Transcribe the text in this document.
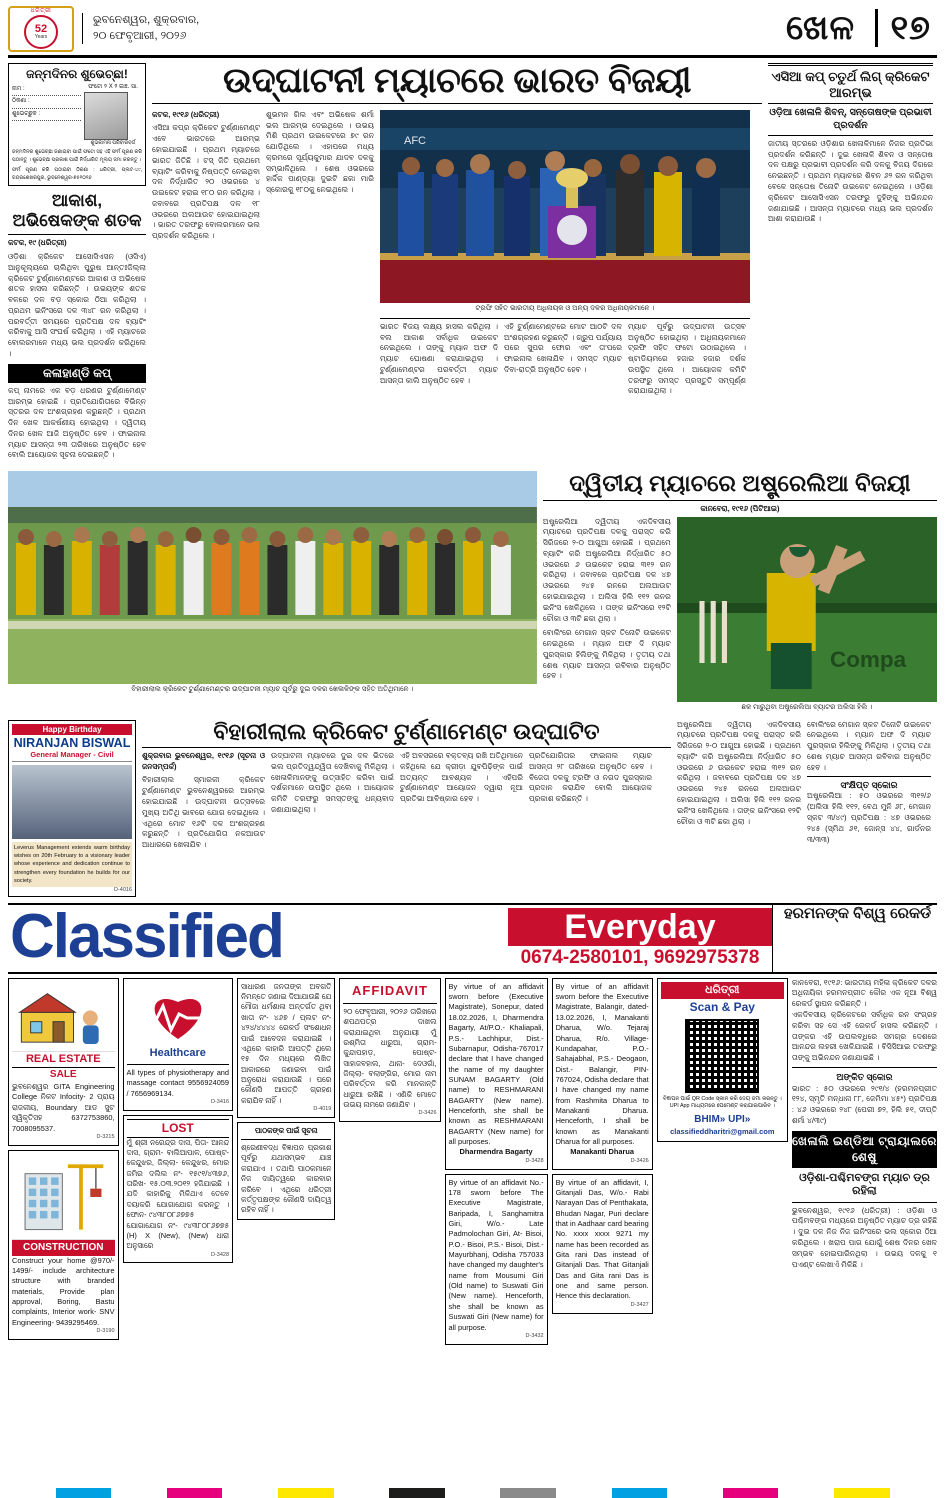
ଧରିତ୍ରୀ
52
Years
ଭୁବନେଶ୍ୱର, ଶୁକ୍ରବାର,
୨୦ ଫେବୃଆରୀ, ୨୦୨୬	ଖେଳ ୧୭
ଜନ୍ମଦିନର ଶୁଭେଚ୍ଛା!
ନାମ :
ଠିକଣା :
ଶୁଭେଚ୍ଛୁକ :
ଫଟୋ ୨ X ୨ ଇଞ୍ଚ. ସା.
ଶୁଭକାମନା ପରିବାରବର୍ଗ
ଜନ୍ମଦିନର ଶୁଭେଚ୍ଛା ଜଣାଇବା ପାଇଁ ଫଟୋ ସହ ଏହି ଫର୍ମ ପୂରଣ କରି ପଠାନ୍ତୁ । ଶୁଭେଚ୍ଛା ପ୍ରକାଶ ପାଇଁ ନିର୍ଦ୍ଧାରିତ ମୂଲ୍ୟ ଜମା କରନ୍ତୁ ।
ଫର୍ମ ପୂରଣ କରି ପଠାଇବା ଠିକଣା : ଧରିତ୍ରୀ, ପ୍ଲଟ-୪୯, ଚନ୍ଦ୍ରଶେଖରପୁର, ଭୁବନେଶ୍ୱର-୭୫୧୦୧୬
ଆକାଶ, ଅଭିଷେକଙ୍କ ଶତକ
କଟକ, ୧୯ (ଧରିତ୍ରୀ)

ଓଡ଼ିଶା କ୍ରିକେଟ ଆସୋସିଏସନ (ଓସିଏ) ଆନୁକୂଲ୍ୟରେ ଚାଲିଥିବା ପୁରୁଷ ଆନ୍ତଃଜିଲ୍ଲା କ୍ରିକେଟ ଟୁର୍ଣ୍ଣାମେଣ୍ଟରେ ଆକାଶ ଓ ଅଭିଷେକ ଶତକ ହାସଲ କରିଛନ୍ତି । ଉଭୟଙ୍କ ଶତକ ବଳରେ ଦଳ ବଡ଼ ସ୍କୋର ଠିଆ କରିଥିଲା । ପ୍ରଥମ ଇନିଂସରେ ଦଳ ୩୪୮ ରନ କରିଥିଲା । ପରବର୍ତ୍ତୀ ସମୟରେ ପ୍ରତିପକ୍ଷ ଦଳ ବ୍ୟାଟିଂ କରିବାକୁ ଆସି ସଂଘର୍ଷ କରିଥିଲା । ଏହି ମ୍ୟାଚରେ ବୋଲରମାନେ ମଧ୍ୟ ଭଲ ପ୍ରଦର୍ଶନ କରିଥିଲେ ।

କଳାହାଣ୍ଡି କପ୍

କପ୍ ନାମରେ ଏକ ବଡ଼ ଧରଣର ଟୁର୍ଣ୍ଣାମେଣ୍ଟ ଆରମ୍ଭ ହୋଇଛି । ପ୍ରତିଯୋଗିତାରେ ବିଭିନ୍ନ ସ୍ତରର ଦଳ ଅଂଶଗ୍ରହଣ କରୁଛନ୍ତି । ପ୍ରଥମ ଦିନ ଖେଳ ଆକର୍ଷଣୀୟ ହୋଇଥିଲା । ଦ୍ୱିତୀୟ ଦିନର ଖେଳ ଆଜି ଅନୁଷ୍ଠିତ ହେବ । ଫାଇନାଲ ମ୍ୟାଚ ଆସନ୍ତା ୨୩ ତାରିଖରେ ଅନୁଷ୍ଠିତ ହେବ ବୋଲି ଆୟୋଜକ ସୂଚନା ଦେଇଛନ୍ତି ।

ଉଦ୍‌ଘାଟନୀ ମ୍ୟାଚରେ ଭାରତ ବିଜୟୀ
କଟକ, ୧୯୧୬ (ଧରିତ୍ରୀ)

ଏସିଆ କପ୍‌ର କ୍ରିକେଟ ଟୁର୍ଣ୍ଣାମେଣ୍ଟ ଏବେ ଭାରତରେ ଆରମ୍ଭ ହୋଇଯାଇଛି । ପ୍ରଥମ ମ୍ୟାଚରେ ଭାରତ ଜିତିଛି । ଟସ୍ ଜିତି ପ୍ରଥମେ ବ୍ୟାଟିଂ କରିବାକୁ ନିଷ୍ପତ୍ତି ନେଇଥିବା ଦଳ ନିର୍ଦ୍ଧାରିତ ୨୦ ଓଭରରେ ୪ ଉଇକେଟ ହରାଇ ୧୮୦ ରନ କରିଥିଲା । ଜବାବରେ ପ୍ରତିପକ୍ଷ ଦଳ ୧୮ ଓଭରରେ ଅଲଆଉଟ ହୋଇଯାଇଥିଲା । ଭାରତ ତରଫରୁ ବୋଲରମାନେ ଭଲ ପ୍ରଦର୍ଶନ କରିଥିଲେ ।

ଶୁଭମନ ଗିଲ ଏବଂ ଅଭିଷେକ ଶର୍ମା ଭଲ ଆରମ୍ଭ ଦେଇଥିଲେ । ଉଭୟ ମିଶି ପ୍ରଥମ ଉଇକେଟରେ ୭୯ ରନ ଯୋଡ଼ିଥିଲେ । ଏହାପରେ ମଧ୍ୟ କ୍ରମରେ ସୂର୍ଯ୍ୟକୁମାର ଯାଦବ ଦଳକୁ ସମ୍ଭାଳିଥିଲେ । ଶେଷ ଓଭରରେ ହାର୍ଦ୍ଦିକ ପାଣ୍ଡ୍ୟା ଦୁଇଟି ଛକା ମାରି ସ୍କୋରକୁ ୧୮୦କୁ ନେଇଥିଲେ ।

AFC
ଟ୍ରଫି ସହିତ ଭାରତୀୟ ଅଧିନାୟକ ଓ ଅନ୍ୟ ଦଳର ଅଧିନାୟକମାନେ ।

ଭାରତ ବିଜୟ ଲକ୍ଷ୍ୟ ହାସଲ କରିଥିଲା । ବଲ ଆକାଶ ସର୍ବାଧିକ ଉଇକେଟ ନେଇଥିଲେ । ତାଙ୍କୁ ମ୍ୟାନ ଅଫ ଦି ମ୍ୟାଚ ଘୋଷଣା କରାଯାଇଥିଲା । ଟୁର୍ଣ୍ଣାମେଣ୍ଟର ପରବର୍ତ୍ତୀ ମ୍ୟାଚ ଆସନ୍ତା କାଲି ଅନୁଷ୍ଠିତ ହେବ ।

ଏହି ଟୁର୍ଣ୍ଣାମେଣ୍ଟରେ ମୋଟ ଆଠଟି ଦଳ ଅଂଶଗ୍ରହଣ କରୁଛନ୍ତି । ଗ୍ରୁପ ପର୍ଯ୍ୟାୟ ପରେ ସୁପର ଫୋର ଏବଂ ତା'ପରେ ଫାଇନାଲ ଖେଳାଯିବ । ସମସ୍ତ ମ୍ୟାଚ ଦିବା-ରାତ୍ରି ଅନୁଷ୍ଠିତ ହେବ ।

ମ୍ୟାଚ ପୂର୍ବରୁ ଉଦ୍‌ଘାଟନୀ ଉତ୍ସବ ଅନୁଷ୍ଠିତ ହୋଇଥିଲା । ଅଧିନାୟକମାନେ ଟ୍ରଫି ସହିତ ଫଟୋ ଉଠାଇଥିଲେ । ଷ୍ଟାଡିୟମରେ ହଜାର ହଜାର ଦର୍ଶକ ଉପସ୍ଥିତ ଥିଲେ । ଆୟୋଜକ କମିଟି ତରଫରୁ ସମସ୍ତ ପ୍ରସ୍ତୁତି ସମ୍ପୂର୍ଣ୍ଣ କରାଯାଇଥିଲା ।

ଏସିଆ କପ୍ ଚତୁର୍ଥ ଲିଗ୍ କ୍ରିକେଟ ଆରମ୍ଭ
ଓଡ଼ିଆ ଖେଳାଳି ଶିବନ୍, ସନ୍ତୋଷଙ୍କ ପ୍ରଭାବୀ ପ୍ରଦର୍ଶନ
ଜାତୀୟ ସ୍ତରରେ ଓଡ଼ିଶାର ଖେଳାଳିମାନେ ନିଜର ପ୍ରତିଭା ପ୍ରଦର୍ଶନ କରିଛନ୍ତି । ଦୁଇ ଖେଳାଳି ଶିବନ ଓ ସନ୍ତୋଷ ଦଳ ପକ୍ଷରୁ ପ୍ରଭାବୀ ପ୍ରଦର୍ଶନ କରି ଦଳକୁ ବିଜୟ ଦିଗରେ ନେଇଛନ୍ତି । ପ୍ରଥମ ମ୍ୟାଚରେ ଶିବନ ୬୨ ରନ କରିଥିବା ବେଳେ ସନ୍ତୋଷ ତିନୋଟି ଉଇକେଟ ନେଇଥିଲେ । ଓଡ଼ିଶା କ୍ରିକେଟ ଆସୋସିଏସନ ତରଫରୁ ଦୁହିଙ୍କୁ ଅଭିନନ୍ଦନ ଜଣାଯାଇଛି । ଆସନ୍ତା ମ୍ୟାଚରେ ମଧ୍ୟ ଭଲ ପ୍ରଦର୍ଶନ ଆଶା କରାଯାଉଛି ।
ବିହାରୀଲାଲ କ୍ରିକେଟ ଟୁର୍ଣ୍ଣାମେଣ୍ଟର ଉଦ୍‌ଘାଟନୀ ମ୍ୟାଚ ପୂର୍ବରୁ ଦୁଇ ଦଳର ଖେଳାଳିଙ୍କ ସହିତ ଅତିଥିମାନେ ।
ଦ୍ୱିତୀୟ ମ୍ୟାଚରେ ଅଷ୍ଟ୍ରେଲିଆ ବିଜୟୀ
କାନବେରା, ୧୯୧୬ (ପିଟିଆଇ)

ଅଷ୍ଟ୍ରେଲିଆ ଦ୍ୱିତୀୟ ଏକଦିବସୀୟ ମ୍ୟାଚରେ ପ୍ରତିପକ୍ଷ ଦଳକୁ ପରାସ୍ତ କରି ସିରିଜରେ ୨-୦ ଆଗୁଆ ହୋଇଛି । ପ୍ରଥମେ ବ୍ୟାଟିଂ କରି ଅଷ୍ଟ୍ରେଲିଆ ନିର୍ଦ୍ଧାରିତ ୫୦ ଓଭରରେ ୬ ଉଇକେଟ ହରାଇ ୩୧୨ ରନ କରିଥିଲା । ଜବାବରେ ପ୍ରତିପକ୍ଷ ଦଳ ୪୭ ଓଭରରେ ୨୪୫ ରନରେ ଅଲଆଉଟ ହୋଇଯାଇଥିଲା । ଅଲିସା ହିଲି ୧୧୨ ରନର ଇନିଂସ ଖେଳିଥିଲେ । ତାଙ୍କ ଇନିଂସରେ ୧୨ଟି ଚୌକା ଓ ୩ଟି ଛକା ଥିଲା ।

ବୋଲିଂରେ ମେଗାନ ସ୍କଟ ତିନୋଟି ଉଇକେଟ ନେଇଥିଲେ । ମ୍ୟାନ ଅଫ ଦି ମ୍ୟାଚ ପୁରସ୍କାର ହିଲିଙ୍କୁ ମିଳିଥିଲା । ତୃତୀୟ ତଥା ଶେଷ ମ୍ୟାଚ ଆସନ୍ତା ରବିବାର ଅନୁଷ୍ଠିତ ହେବ ।

Compa
ଛକ ମାରୁଥିବା ଅଷ୍ଟ୍ରେଲିଆ ବ୍ୟାଟର ଅଲିସା ହିଲି ।
Happy Birthday
NIRANJAN BISWAL
General Manager - Civil
Leverus Management extends warm birthday wishes on 20th February to a visionary leader whose experience and dedication continue to strengthen every foundation he builds for our society.
D-4016
ବିହାରୀଲାଲ କ୍ରିକେଟ ଟୁର୍ଣ୍ଣାମେଣ୍ଟ ଉଦ୍‌ଘାଟିତ
ଶୁକ୍ରବାର ଭୁବନେଶ୍ୱର, ୧୯୧୬ (ସୂଚନା ଓ ଜନସମ୍ପର୍କ)

ବିହାରୀଲାଲ ସ୍ମାରକୀ କ୍ରିକେଟ ଟୁର୍ଣ୍ଣାମେଣ୍ଟ ଭୁବନେଶ୍ୱରରେ ଆରମ୍ଭ ହୋଇଯାଇଛି । ଉଦ୍‌ଘାଟନୀ ଉତ୍ସବରେ ମୁଖ୍ୟ ଅତିଥି ଭାବରେ ଯୋଗ ଦେଇଥିଲେ । ଏଥିରେ ମୋଟ ୧୬ଟି ଦଳ ଅଂଶଗ୍ରହଣ କରୁଛନ୍ତି । ପ୍ରତିଯୋଗିତା ନକଆଉଟ ଆଧାରରେ ଖେଳାଯିବ ।

ଉଦ୍‌ଘାଟନୀ ମ୍ୟାଚରେ ଦୁଇ ଦଳ ଭିତରେ ଭଲ ପ୍ରତିଦ୍ୱନ୍ଦ୍ୱିତା ଦେଖିବାକୁ ମିଳିଥିଲା । ଖେଳାଳିମାନଙ୍କୁ ଉତ୍ସାହିତ କରିବା ପାଇଁ ଦର୍ଶକମାନେ ଉପସ୍ଥିତ ଥିଲେ । ଆୟୋଜକ କମିଟି ତରଫରୁ ସମସ୍ତଙ୍କୁ ଧନ୍ୟବାଦ ଜଣାଯାଇଥିଲା ।

ଏହି ଅବସରରେ ବକ୍ତବ୍ୟ ରଖି ଅତିଥିମାନେ କହିଥିଲେ ଯେ କ୍ରୀଡ଼ା ଯୁବପିଢ଼ିଙ୍କ ପାଇଁ ଅତ୍ୟନ୍ତ ଆବଶ୍ୟକ । ଏହିପରି ଟୁର୍ଣ୍ଣାମେଣ୍ଟ ଆୟୋଜନ ଦ୍ୱାରା ନୂଆ ପ୍ରତିଭା ଆବିଷ୍କାର ହେବ ।

ପ୍ରତିଯୋଗିତାର ଫାଇନାଲ ମ୍ୟାଚ ଆସନ୍ତା ୨୮ ତାରିଖରେ ଅନୁଷ୍ଠିତ ହେବ । ବିଜେତା ଦଳକୁ ଟ୍ରଫି ଓ ନଗଦ ପୁରସ୍କାର ପ୍ରଦାନ କରାଯିବ ବୋଲି ଆୟୋଜକ ପ୍ରକାଶ କରିଛନ୍ତି ।

ଅଷ୍ଟ୍ରେଲିଆ ଦ୍ୱିତୀୟ ଏକଦିବସୀୟ ମ୍ୟାଚରେ ପ୍ରତିପକ୍ଷ ଦଳକୁ ପରାସ୍ତ କରି ସିରିଜରେ ୨-୦ ଆଗୁଆ ହୋଇଛି । ପ୍ରଥମେ ବ୍ୟାଟିଂ କରି ଅଷ୍ଟ୍ରେଲିଆ ନିର୍ଦ୍ଧାରିତ ୫୦ ଓଭରରେ ୬ ଉଇକେଟ ହରାଇ ୩୧୨ ରନ କରିଥିଲା । ଜବାବରେ ପ୍ରତିପକ୍ଷ ଦଳ ୪୭ ଓଭରରେ ୨୪୫ ରନରେ ଅଲଆଉଟ ହୋଇଯାଇଥିଲା । ଅଲିସା ହିଲି ୧୧୨ ରନର ଇନିଂସ ଖେଳିଥିଲେ । ତାଙ୍କ ଇନିଂସରେ ୧୨ଟି ଚୌକା ଓ ୩ଟି ଛକା ଥିଲା ।

ବୋଲିଂରେ ମେଗାନ ସ୍କଟ ତିନୋଟି ଉଇକେଟ ନେଇଥିଲେ । ମ୍ୟାନ ଅଫ ଦି ମ୍ୟାଚ ପୁରସ୍କାର ହିଲିଙ୍କୁ ମିଳିଥିଲା । ତୃତୀୟ ତଥା ଶେଷ ମ୍ୟାଚ ଆସନ୍ତା ରବିବାର ଅନୁଷ୍ଠିତ ହେବ ।
ସଂକ୍ଷିପ୍ତ ସ୍କୋର
ଅଷ୍ଟ୍ରେଲିଆ : ୫୦ ଓଭରରେ ୩୧୨/୬ (ଅଲିସା ହିଲି ୧୧୨, ବେଥ ମୁନି ୬୮, ମେଗାନ ସ୍କଟ ୩/୪୯) ପ୍ରତିପକ୍ଷ : ୪୭ ଓଭରରେ ୨୪୫ (ସ୍ମିଥ ୬୧, ଜୋନ୍ସ ୪୪, ଗାର୍ଡନର ୩/୩୩)
Classified	Everyday
0674-2580101, 9692975378
ହରମନଙ୍କ ବିଶ୍ୱ ରେକର୍ଡ
REAL ESTATE
SALE
ଭୁବନେଶ୍ୱର GITA Engineering College ନିକଟ Infocity- 2 ପ୍ରାୟ ରାଜକୀୟ, Boundary ଆଡ ସୁଟ ସ୍ୱିକୃତିସହ 6372753860, 7008095537.
D-3215
CONSTRUCTION
Construct your home @970/- 1499/- include architecture structure with branded materials, Provide plan approval, Boring, Bastu complaints, Interior work- SNV Engineering- 9439295469.
D-3190
Healthcare
All types of physiotherapy and massage contact 9556924059 / 7656969134.
D-3416
LOST
ମୁଁ ଶ୍ରୀ ନରେନ୍ଦ୍ର ଦାସ, ପିତା- ଆନନ୍ଦ ଦାସ, ଗ୍ରାମ- ବାଲିଆପାଳ, ପୋଷ୍ଟ- କେନ୍ଦୁଝର, ଜିଲ୍ଲା- କେନ୍ଦୁଝର, ମୋର ଜମିର ଦଲିଲ ନଂ- ୧୫୯୧/୪୩୭୬, ତାରିଖ- ୧୫.୦୩.୨୦୧୨ ହଜିଯାଇଛି । ଯଦି କାହାରିକୁ ମିଳିଥାଏ ତେବେ ଦୟାକରି ଯୋଗାଯୋଗ କରନ୍ତୁ । ଫୋନ- ୯୪୩୮୦୮୬୭୭୫
ଯୋଗାଯୋଗ ନଂ- ୯୪୩୮୦୮୬୭୭୫ (H) X (New), (New) ଧାରା ଅନୁସାରେ
D-3428
ସାଧାରଣ ଜନତାଙ୍କ ଅବଗତି ନିମନ୍ତେ ଜଣାଇ ଦିଆଯାଉଛି ଯେ ମୌଜା ଧର୍ମଶାଳା ଅନ୍ତର୍ଗତ ଥିବା ଖାତା ନଂ- ୪୬୭ / ପ୍ଲଟ ନଂ- ୪୨୪/୪୪୪୪ ରେକର୍ଡ ସଂଶୋଧନ ପାଇଁ ଆବେଦନ କରାଯାଇଛି । ଏଥିରେ କାହାରି ଆପତ୍ତି ଥିଲେ ୧୫ ଦିନ ମଧ୍ୟରେ ଲିଖିତ ଆକାରରେ ଜଣାଇବା ପାଇଁ ଅନୁରୋଧ କରାଯାଉଛି । ପରେ କୌଣସି ଆପତ୍ତି ଗ୍ରହଣ କରାଯିବ ନାହିଁ ।
D-4019
ପାଠକଙ୍କ ପାଇଁ ସୂଚନା
ଶ୍ରେଣୀବଦ୍ଧ ବିଜ୍ଞାପନ ପ୍ରକାଶ ପୂର୍ବରୁ ଯଥାସମ୍ଭବ ଯାଞ୍ଚ କରାଯାଏ । ତଥାପି ପାଠକମାନେ ନିଜ ଦାୟିତ୍ୱରେ କାରବାର କରିବେ । ଏଥିରେ ଧରିତ୍ରୀ କର୍ତ୍ତୃପକ୍ଷଙ୍କ କୌଣସି ଦାୟିତ୍ୱ ରହିବ ନାହିଁ ।
AFFIDAVIT
୨୦ ଫେବୃଆରୀ, ୨୦୨୬ ତାରିଖରେ ଶପଥପତ୍ର ଦାଖଲ କରାଯାଇଥିବା ଅନୁଯାୟୀ ମୁଁ ରଶ୍ମିତା ଧାରୁଆ, ଗ୍ରାମ- କୁନ୍ଦାପହାଡ଼, ପୋଷ୍ଟ- ସାହାଜବହାଲ, ଥାନା- ଦେଓଗାଁ, ଜିଲ୍ଲା- ବଲାଙ୍ଗିର, ମୋର ନାମ ପରିବର୍ତ୍ତନ କରି ମାନକାନ୍ତି ଧାରୁଆ ରଖିଛି । ଏଣିକି ମୋତେ ଉଭୟ ନାମରେ ଜଣାଯିବ ।
D-3426
By virtue of an affidavit sworn before (Executive Magistrate), Sonepur, dated 18.02.2026, I, Dharmendra Bagarty, At/P.O.- Khaliapali, P.S.- Lachhipur, Dist.- Subarnapur, Odisha-767017 declare that I have changed the name of my daughter SUNAM BAGARTY (Old name) to RESHMARANI BAGARTY (New name). Henceforth, she shall be known as RESHMARANI BAGARTY (New name) for all purposes.
Dharmendra Bagarty
D-3428
By virtue of an affidavit No.- 178 sworn before The Executive Magistrate, Baripada, I, Sanghamitra Giri, W/o.- Late Padmolochan Giri, At- Bisoi, P.O.- Bisoi, P.S.- Bisoi, Dist.- Mayurbhanj, Odisha 757033 have changed my daughter's name from Mousumi Giri (Old name) to Suswati Giri (New name). Henceforth, she shall be known as Suswati Giri (New name) for all purpose.
D-3432
By virtue of an affidavit sworn before the Executive Magistrate, Balangir, dated- 13.02.2026, I, Manakanti Dharua, W/o. Tejaraj Dharua, R/o. Village- Kundapahar, P.O.- Sahajabhal, P.S.- Deogaon, Dist.- Balangir, PIN- 767024, Odisha declare that I have changed my name from Rashmita Dharua to Manakanti Dharua. Henceforth, I shall be known as Manakanti Dharua for all purposes.
Manakanti Dharua
D-3426
By virtue of an affidavit, I, Gitanjali Das, W/o.- Rabi Narayan Das of Penthakata, Bhudan Nagar, Puri declare that in Aadhaar card bearing No. xxxx xxxx 9271 my name has been recorded as Gita rani Das instead of Gitanjali Das. That Gitanjali Das and Gita rani Das is one and same person. Hence this declaration.
D-3427
ଧରିତ୍ରୀ
Scan & Pay
ବିଜ୍ଞାପନ ପାଇଁ QR Code ସ୍କାନ କରି ଦେୟ ଜମା କରନ୍ତୁ । UPI App ମାଧ୍ୟମରେ ପେମେଣ୍ଟ କରାଯାଇପାରିବ ।
BHIM» UPI»
classifieddharitri@gmail.com
କାନବେରା, ୧୯୧୬: ଭାରତୀୟ ମହିଳା କ୍ରିକେଟ ଦଳର ଅଧିନାୟିକା ହରମନପ୍ରୀତ କୌର ଏକ ନୂଆ ବିଶ୍ୱ ରେକର୍ଡ ସ୍ଥାପନ କରିଛନ୍ତି ।
ଏକଦିବସୀୟ କ୍ରିକେଟରେ ସର୍ବାଧିକ ରନ ସଂଗ୍ରହ କରିବା ସହ ସେ ଏହି ରେକର୍ଡ ହାସଲ କରିଛନ୍ତି । ତାଙ୍କର ଏହି ଉପଲବ୍ଧିରେ ସମଗ୍ର ଦେଶରେ ଆନନ୍ଦର ଲହରୀ ଖେଳିଯାଇଛି । ବିସିସିଆଇ ତରଫରୁ ତାଙ୍କୁ ଅଭିନନ୍ଦନ ଜଣାଯାଇଛି ।
ଅଙ୍କିତ ସ୍କୋର
ଭାରତ : ୫୦ ଓଭରରେ ୨୯୧/୪ (ହରମନପ୍ରୀତ ୧୨୪, ସ୍ମୃତି ମନ୍ଧାନା ୮୮, ଜେମିମା ୪୫*) ପ୍ରତିପକ୍ଷ : ୪୬ ଓଭରରେ ୨୪୮ (ପେରୀ ୭୨, ହିଲି ୫୧, ଦୀପ୍ତି ଶର୍ମା ୪/୩୯)
ଖେଳାଲି ଇଣ୍ଡିଆ ଟ୍ରାୟାଲରେ ଶେଷୁ
ଓଡ଼ିଶା-ପଶ୍ଚିମବଙ୍ଗ ମ୍ୟାଚ ଡ୍ର ରହିଲା
ଭୁବନେଶ୍ୱର, ୧୯୧୬ (ଧରିତ୍ରୀ) : ଓଡ଼ିଶା ଓ ପଶ୍ଚିମବଙ୍ଗ ମଧ୍ୟରେ ଅନୁଷ୍ଠିତ ମ୍ୟାଚ ଡ୍ର ରହିଛି । ଦୁଇ ଦଳ ନିଜ ନିଜ ଇନିଂସରେ ଭଲ ସ୍କୋର ଠିଆ କରିଥିଲେ । ଖରାପ ପାଗ ଯୋଗୁଁ ଶେଷ ଦିନର ଖେଳ ସମ୍ଭବ ହୋଇପାରିନଥିଲା । ଉଭୟ ଦଳକୁ ୧ ପଏଣ୍ଟ ଲେଖାଏଁ ମିଳିଛି ।
